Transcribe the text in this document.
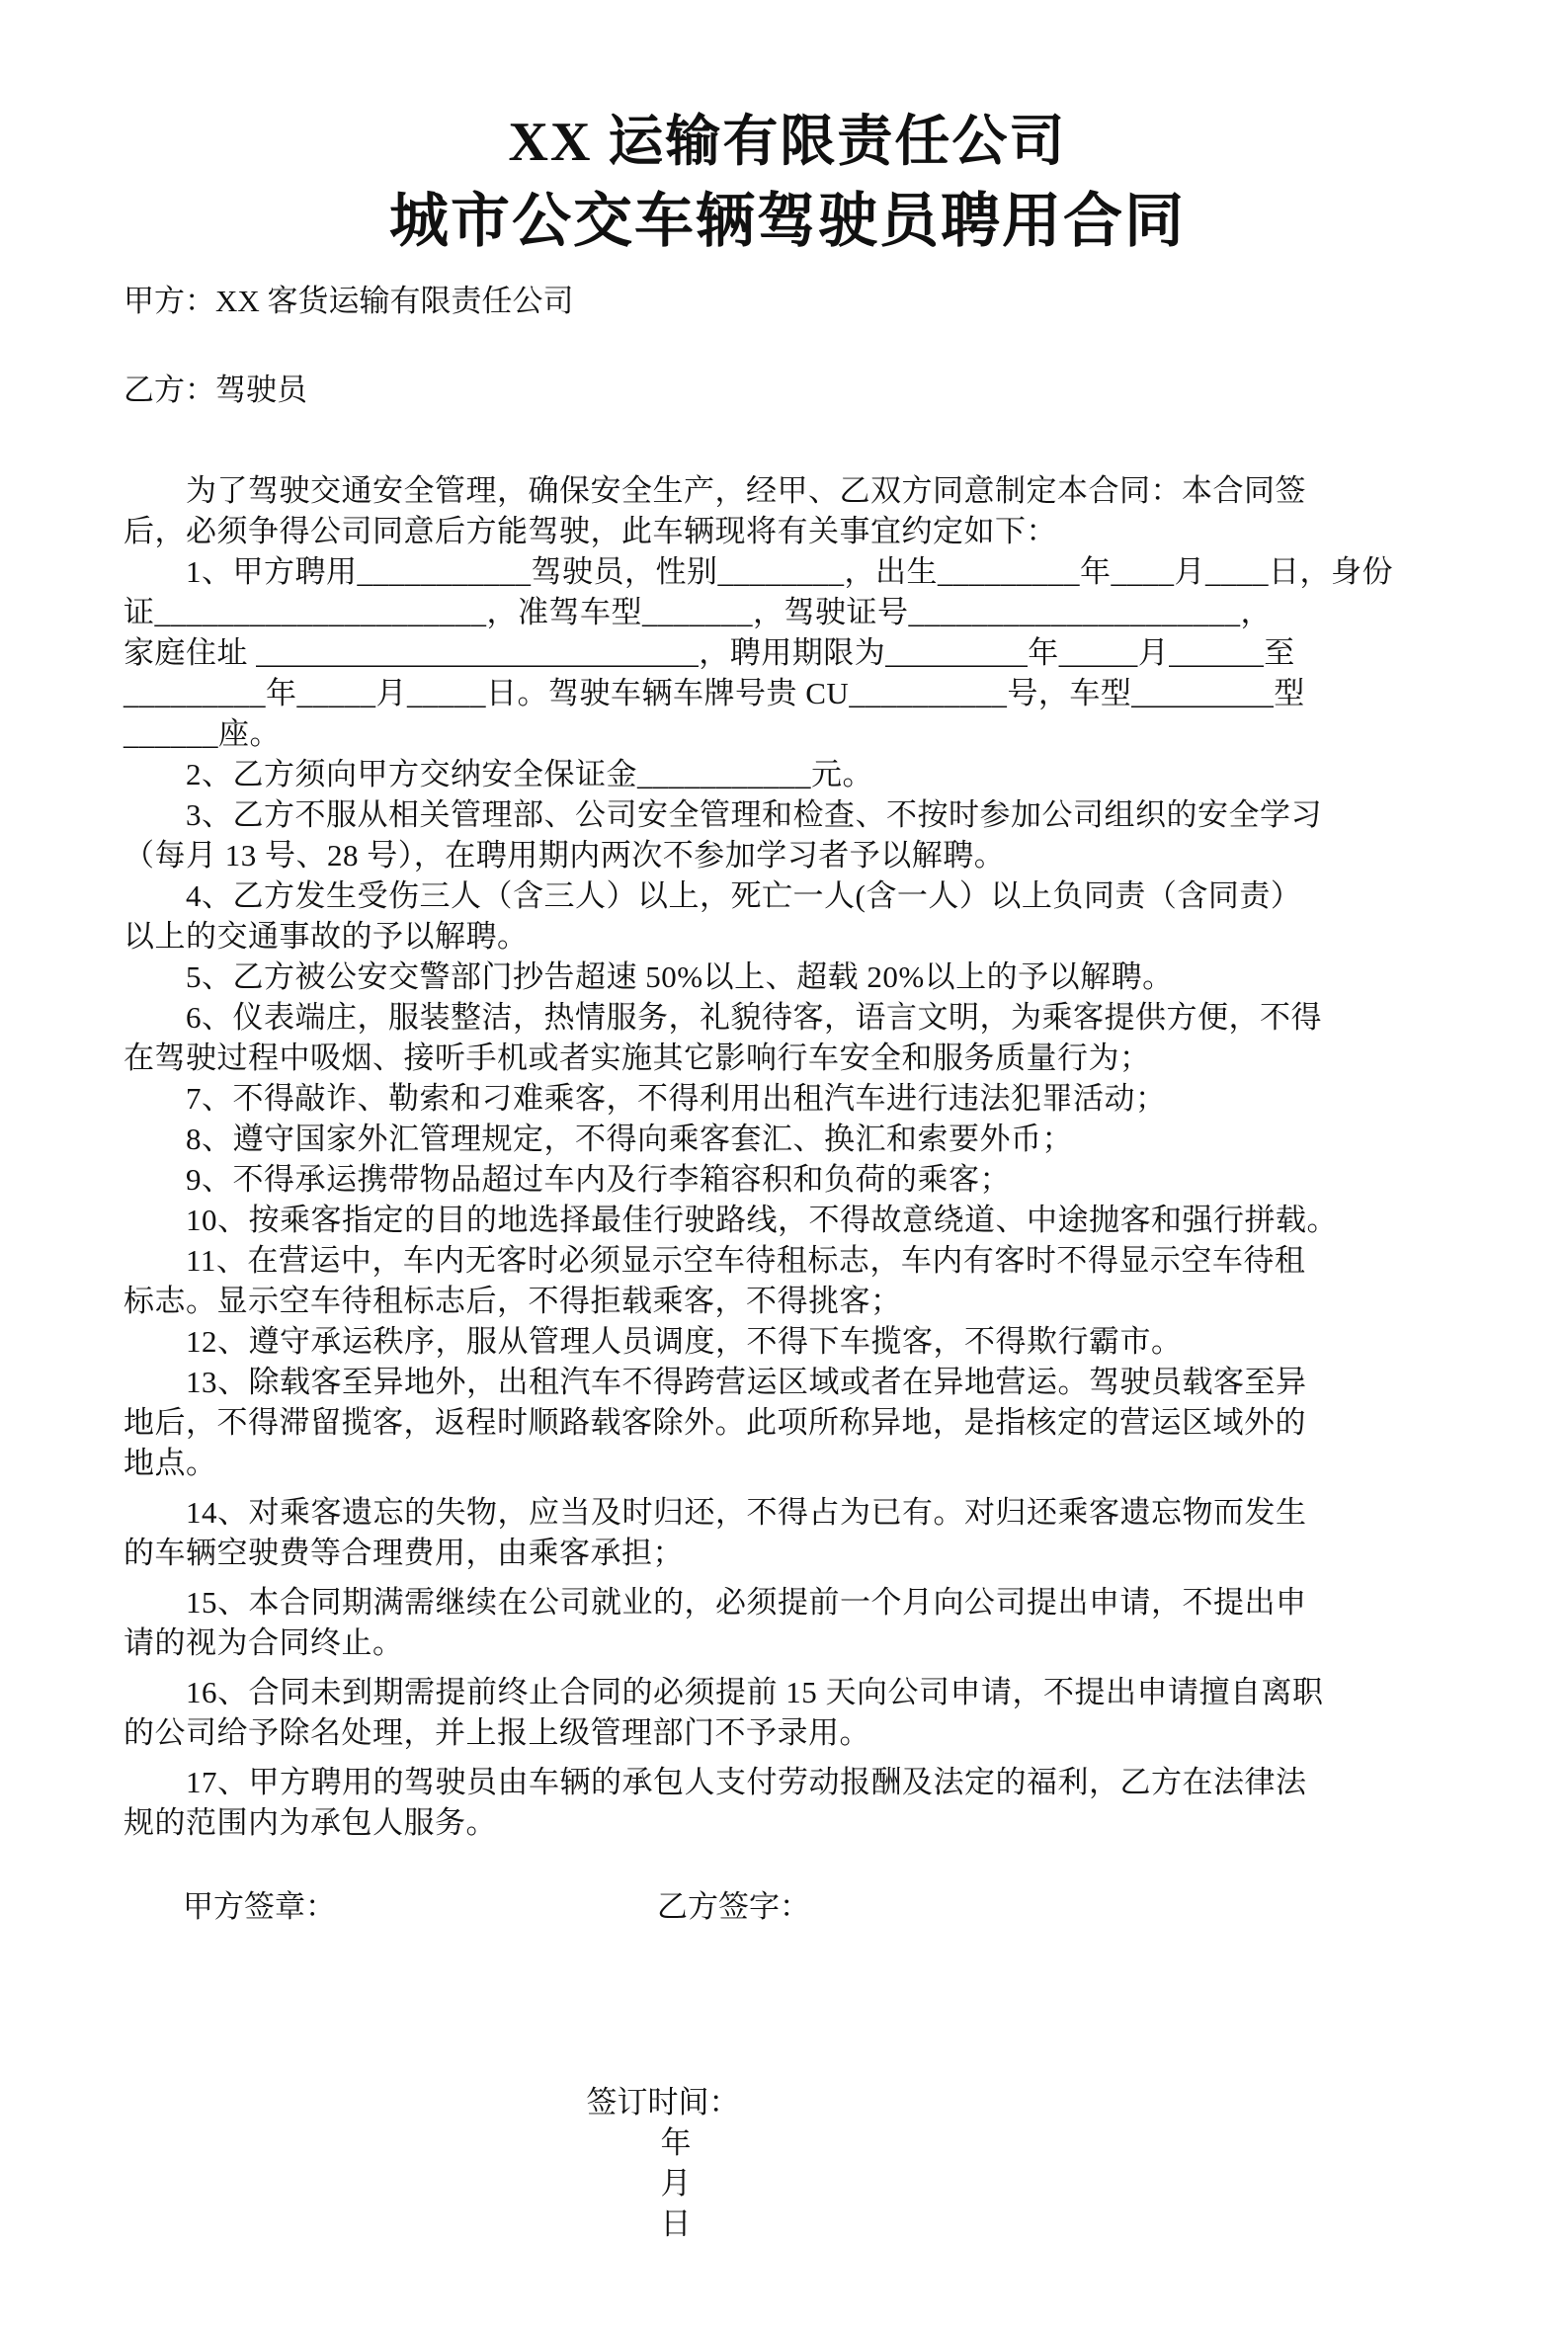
XX 运输有限责任公司
城市公交车辆驾驶员聘用合同
甲方：XX 客货运输有限责任公司
乙方：驾驶员
　　为了驾驶交通安全管理，确保安全生产，经甲、乙双方同意制定本合同：本合同签
后，必须争得公司同意后方能驾驶，此车辆现将有关事宜约定如下：
　　1、甲方聘用___________驾驶员，性别________，出生_________年____月____日，身份
证_____________________，准驾车型_______，驾驶证号_____________________，
家庭住址 ____________________________，聘用期限为_________年_____月______至
_________年_____月_____日。驾驶车辆车牌号贵 CU__________号，车型_________型
______座。
　　2、乙方须向甲方交纳安全保证金___________元。
　　3、乙方不服从相关管理部、公司安全管理和检查、不按时参加公司组织的安全学习
（每月 13 号、28 号），在聘用期内两次不参加学习者予以解聘。
　　4、乙方发生受伤三人（含三人）以上，死亡一人(含一人）以上负同责（含同责）
以上的交通事故的予以解聘。
　　5、乙方被公安交警部门抄告超速 50%以上、超载 20%以上的予以解聘。
　　6、仪表端庄，服装整洁，热情服务，礼貌待客，语言文明，为乘客提供方便，不得
在驾驶过程中吸烟、接听手机或者实施其它影响行车安全和服务质量行为；
　　7、不得敲诈、勒索和刁难乘客，不得利用出租汽车进行违法犯罪活动；
　　8、遵守国家外汇管理规定，不得向乘客套汇、换汇和索要外币；
　　9、不得承运携带物品超过车内及行李箱容积和负荷的乘客；
　　10、按乘客指定的目的地选择最佳行驶路线，不得故意绕道、中途抛客和强行拼载。
　　11、在营运中，车内无客时必须显示空车待租标志，车内有客时不得显示空车待租
标志。显示空车待租标志后，不得拒载乘客，不得挑客；
　　12、遵守承运秩序，服从管理人员调度，不得下车揽客，不得欺行霸市。
　　13、除载客至异地外，出租汽车不得跨营运区域或者在异地营运。驾驶员载客至异
地后，不得滞留揽客，返程时顺路载客除外。此项所称异地，是指核定的营运区域外的
地点。
　　14、对乘客遗忘的失物，应当及时归还，不得占为已有。对归还乘客遗忘物而发生
的车辆空驶费等合理费用，由乘客承担；
　　15、本合同期满需继续在公司就业的，必须提前一个月向公司提出申请，不提出申
请的视为合同终止。
　　16、合同未到期需提前终止合同的必须提前 15 天向公司申请，不提出申请擅自离职
的公司给予除名处理，并上报上级管理部门不予录用。
　　17、甲方聘用的驾驶员由车辆的承包人支付劳动报酬及法定的福利，乙方在法律法
规的范围内为承包人服务。
甲方签章：	乙方签字：

签订时间：
年
月
日
